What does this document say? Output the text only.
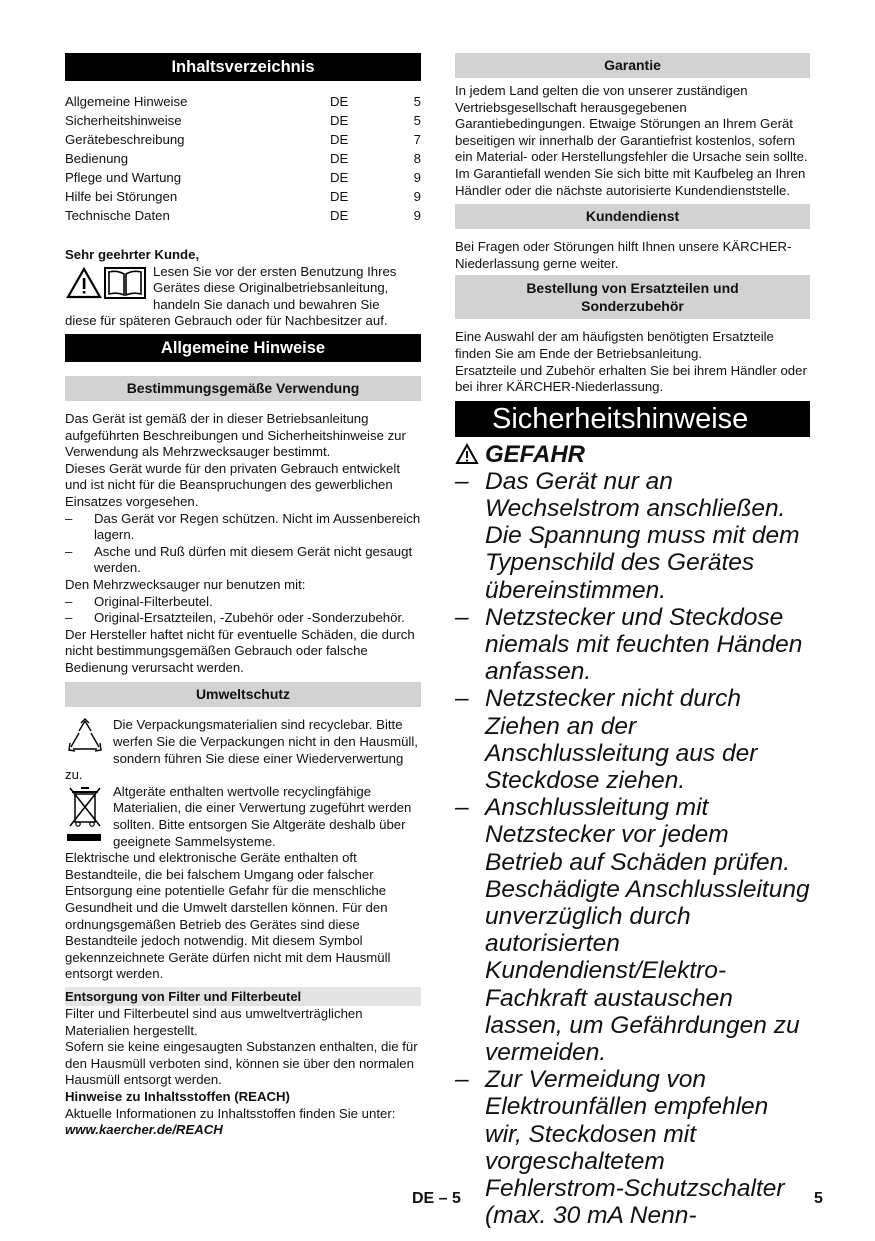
Inhaltsverzeichnis
Allgemeine Hinweise	DE	5
Sicherheitshinweise	DE	5
Gerätebeschreibung	DE	7
Bedienung	DE	8
Pflege und Wartung	DE	9
Hilfe bei Störungen	DE	9
Technische Daten	DE	9

Sehr geehrter Kunde,

Lesen Sie vor der ersten Benutzung Ihres

Gerätes diese Originalbetriebsanleitung,

handeln Sie danach und bewahren Sie

diese für späteren Gebrauch oder für Nachbesitzer auf.

Allgemeine Hinweise
Bestimmungsgemäße Verwendung

Das Gerät ist gemäß der in dieser Betriebsanleitung aufgeführten Beschreibungen und Sicherheitshinweise zur Verwendung als Mehrzwecksauger bestimmt.

Dieses Gerät wurde für den privaten Gebrauch entwickelt und ist nicht für die Beanspruchungen des gewerblichen Einsatzes vorgesehen.

–	Das Gerät vor Regen schützen. Nicht im Aussenbereich lagern.
–	Asche und Ruß dürfen mit diesem Gerät nicht gesaugt werden.

Den Mehrzwecksauger nur benutzen mit:

–	Original-Filterbeutel.
–	Original-Ersatzteilen, -Zubehör oder -Sonderzubehör.

Der Hersteller haftet nicht für eventuelle Schäden, die durch nicht bestimmungsgemäßen Gebrauch oder falsche Bedienung verursacht werden.

Umweltschutz

Die Verpackungsmaterialien sind recyclebar. Bitte werfen Sie die Verpackungen nicht in den Hausmüll, sondern führen Sie diese einer Wiederverwertung zu.

Altgeräte enthalten wertvolle recyclingfähige Materialien, die einer Verwertung zugeführt werden sollten. Bitte entsorgen Sie Altgeräte deshalb über geeignete Sammelsysteme.

Elektrische und elektronische Geräte enthalten oft Bestandteile, die bei falschem Umgang oder falscher Entsorgung eine potentielle Gefahr für die menschliche Gesundheit und die Umwelt darstellen können. Für den ordnungsgemäßen Betrieb des Gerätes sind diese Bestandteile jedoch notwendig. Mit diesem Symbol gekennzeichnete Geräte dürfen nicht mit dem Hausmüll entsorgt werden.

Entsorgung von Filter und Filterbeutel

Filter und Filterbeutel sind aus umweltverträglichen Materialien hergestellt.

Sofern sie keine eingesaugten Substanzen enthalten, die für den Hausmüll verboten sind, können sie über den normalen Hausmüll entsorgt werden.

Hinweise zu Inhaltsstoffen (REACH)

Aktuelle Informationen zu Inhaltsstoffen finden Sie unter:

www.kaercher.de/REACH

Garantie

In jedem Land gelten die von unserer zuständigen Vertriebsgesellschaft herausgegebenen Garantiebedingungen. Etwaige Störungen an Ihrem Gerät beseitigen wir innerhalb der Garantiefrist kostenlos, sofern ein Material- oder Herstellungsfehler die Ursache sein sollte. Im Garantiefall wenden Sie sich bitte mit Kaufbeleg an Ihren Händler oder die nächste autorisierte Kundendienststelle.

Kundendienst

Bei Fragen oder Störungen hilft Ihnen unsere KÄRCHER-Niederlassung gerne weiter.

Bestellung von Ersatzteilen und
Sonderzubehör

Eine Auswahl der am häufigsten benötigten Ersatzteile finden Sie am Ende der Betriebsanleitung.

Ersatzteile und Zubehör erhalten Sie bei ihrem Händler oder bei ihrer KÄRCHER-Niederlassung.

Sicherheitshinweise
GEFAHR
– Das Gerät nur an Wechselstrom anschließen. Die Spannung muss mit dem Typenschild des Gerätes übereinstimmen.
– Netzstecker und Steckdose niemals mit feuchten Händen anfassen.
– Netzstecker nicht durch Ziehen an der Anschlussleitung aus der Steckdose ziehen.
– Anschlussleitung mit Netzstecker vor jedem Betrieb auf Schäden prüfen. Beschädigte Anschlussleitung unverzüglich durch autorisierten Kundendienst/Elektro-Fachkraft austauschen lassen, um Gefährdungen zu vermeiden.
– Zur Vermeidung von Elektrounfällen empfehlen wir, Steckdosen mit vorgeschaltetem Fehlerstrom-Schutzschalter (max. 30 mA Nenn-
DE – 5	5
